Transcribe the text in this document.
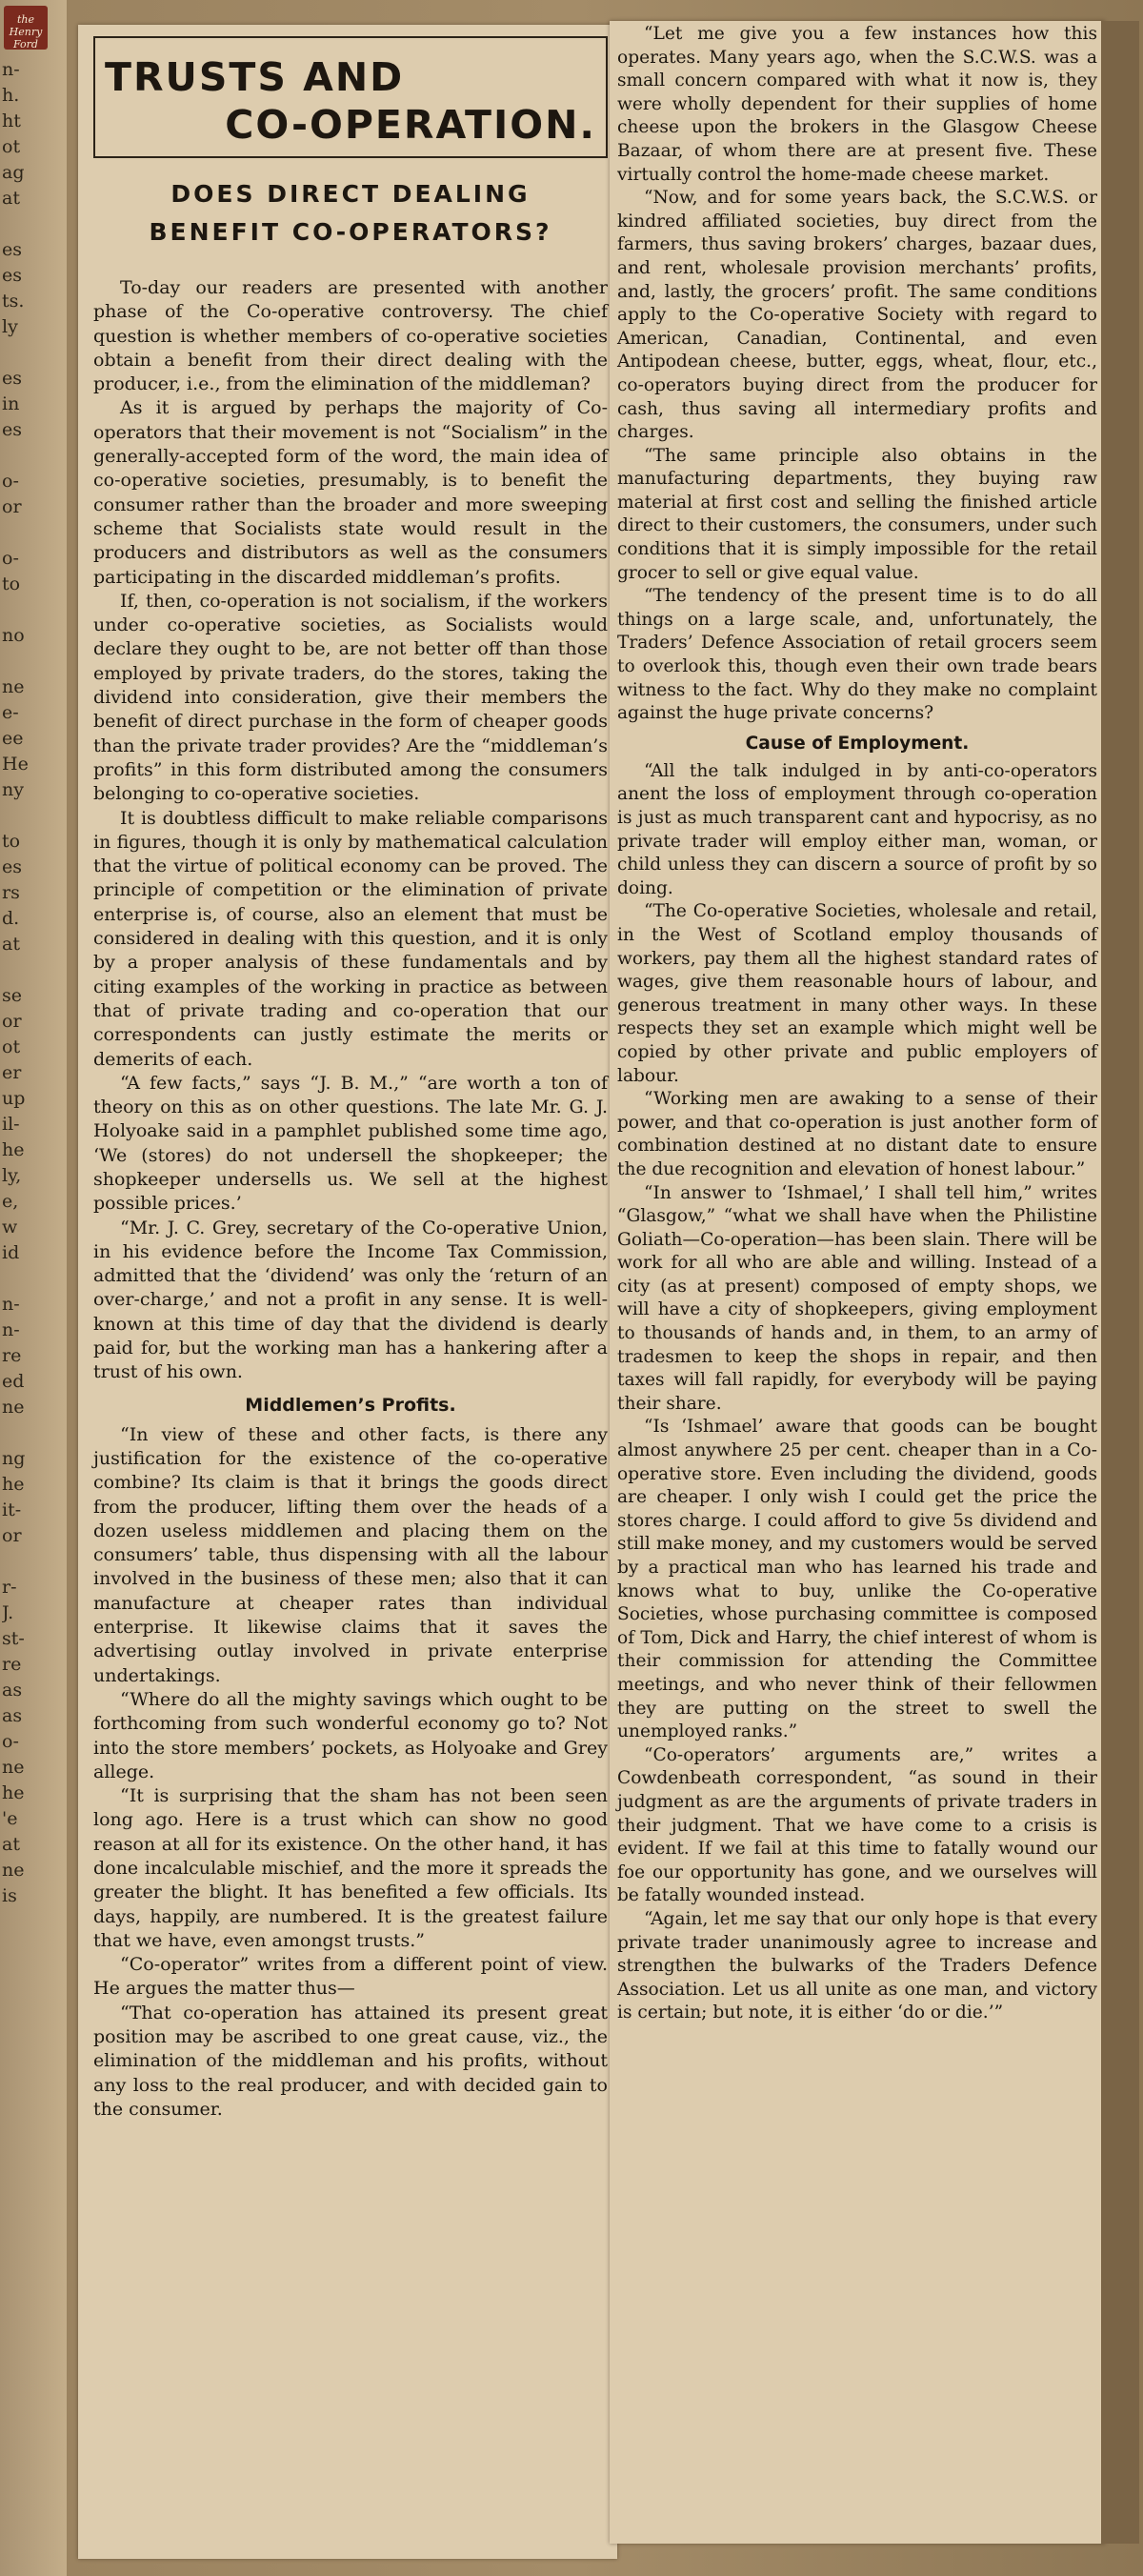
n-
h.
ht
ot
ag
at
es
es
ts.
ly
es
in
es
o-
or
o-
to
no
ne
e-
ee
He
ny
to
es
rs
d.
at
se
or
ot
er
up
il-
he
ly,
e,
w
id
n-
n-
re
ed
ne
ng
he
it-
or
r-
J.
st-
re
as
as
o-
ne
he
'e
at
ne
is
the
Henry
Ford
TRUSTS AND
CO-OPERATION.
DOES DIRECT DEALING
BENEFIT CO-OPERATORS?

To-day our readers are presented with another phase of the Co-operative controversy. The chief question is whether members of co-operative societies obtain a benefit from their direct dealing with the producer, i.e., from the elimination of the middleman?

As it is argued by perhaps the majority of Co-operators that their movement is not “Socialism” in the generally-accepted form of the word, the main idea of co-operative societies, presumably, is to benefit the consumer rather than the broader and more sweeping scheme that Socialists state would result in the producers and distributors as well as the consumers participating in the discarded middleman’s profits.

If, then, co-operation is not socialism, if the workers under co-operative societies, as Socialists would declare they ought to be, are not better off than those employed by private traders, do the stores, taking the dividend into consideration, give their members the benefit of direct purchase in the form of cheaper goods than the private trader provides? Are the “middleman’s profits” in this form distributed among the consumers belonging to co-operative societies.

It is doubtless difficult to make reliable comparisons in figures, though it is only by mathematical calculation that the virtue of political economy can be proved. The principle of competition or the elimination of private enterprise is, of course, also an element that must be considered in dealing with this question, and it is only by a proper analysis of these fundamentals and by citing examples of the working in practice as between that of private trading and co-operation that our correspondents can justly estimate the merits or demerits of each.

“A few facts,” says “J. B. M.,” “are worth a ton of theory on this as on other questions. The late Mr. G. J. Holyoake said in a pamphlet published some time ago, ‘We (stores) do not undersell the shopkeeper; the shopkeeper undersells us. We sell at the highest possible prices.’

“Mr. J. C. Grey, secretary of the Co-operative Union, in his evidence before the Income Tax Commission, admitted that the ‘dividend’ was only the ‘return of an over-charge,’ and not a profit in any sense. It is well-known at this time of day that the dividend is dearly paid for, but the working man has a hankering after a trust of his own.

Middlemen’s Profits.

“In view of these and other facts, is there any justification for the existence of the co-operative combine? Its claim is that it brings the goods direct from the producer, lifting them over the heads of a dozen useless middlemen and placing them on the consumers’ table, thus dispensing with all the labour involved in the business of these men; also that it can manufacture at cheaper rates than individual enterprise. It likewise claims that it saves the advertising outlay involved in private enterprise undertakings.

“Where do all the mighty savings which ought to be forthcoming from such wonderful economy go to? Not into the store members’ pockets, as Holyoake and Grey allege.

“It is surprising that the sham has not been seen long ago. Here is a trust which can show no good reason at all for its existence. On the other hand, it has done incalculable mischief, and the more it spreads the greater the blight. It has benefited a few officials. Its days, happily, are numbered. It is the greatest failure that we have, even amongst trusts.”

“Co-operator” writes from a different point of view. He argues the matter thus—

“That co-operation has attained its present great position may be ascribed to one great cause, viz., the elimination of the middleman and his profits, without any loss to the real producer, and with decided gain to the consumer.

“Let me give you a few instances how this operates. Many years ago, when the S.C.W.S. was a small concern compared with what it now is, they were wholly dependent for their supplies of home cheese upon the brokers in the Glasgow Cheese Bazaar, of whom there are at present five. These virtually control the home-made cheese market.

“Now, and for some years back, the S.C.W.S. or kindred affiliated societies, buy direct from the farmers, thus saving brokers’ charges, bazaar dues, and rent, wholesale provision merchants’ profits, and, lastly, the grocers’ profit. The same conditions apply to the Co-operative Society with regard to American, Canadian, Continental, and even Antipodean cheese, butter, eggs, wheat, flour, etc., co-operators buying direct from the producer for cash, thus saving all intermediary profits and charges.

“The same principle also obtains in the manufacturing departments, they buying raw material at first cost and selling the finished article direct to their customers, the consumers, under such conditions that it is simply impossible for the retail grocer to sell or give equal value.

“The tendency of the present time is to do all things on a large scale, and, unfortunately, the Traders’ Defence Association of retail grocers seem to overlook this, though even their own trade bears witness to the fact. Why do they make no complaint against the huge private concerns?

Cause of Employment.

“All the talk indulged in by anti-co-operators anent the loss of employment through co-operation is just as much transparent cant and hypocrisy, as no private trader will employ either man, woman, or child unless they can discern a source of profit by so doing.

“The Co-operative Societies, wholesale and retail, in the West of Scotland employ thousands of workers, pay them all the highest standard rates of wages, give them reasonable hours of labour, and generous treatment in many other ways. In these respects they set an example which might well be copied by other private and public employers of labour.

“Working men are awaking to a sense of their power, and that co-operation is just another form of combination destined at no distant date to ensure the due recognition and elevation of honest labour.”

“In answer to ‘Ishmael,’ I shall tell him,” writes “Glasgow,” “what we shall have when the Philistine Goliath—Co-operation—has been slain. There will be work for all who are able and willing. Instead of a city (as at present) composed of empty shops, we will have a city of shopkeepers, giving employment to thousands of hands and, in them, to an army of tradesmen to keep the shops in repair, and then taxes will fall rapidly, for everybody will be paying their share.

“Is ‘Ishmael’ aware that goods can be bought almost anywhere 25 per cent. cheaper than in a Co-operative store. Even including the dividend, goods are cheaper. I only wish I could get the price the stores charge. I could afford to give 5s dividend and still make money, and my customers would be served by a practical man who has learned his trade and knows what to buy, unlike the Co-operative Societies, whose purchasing committee is composed of Tom, Dick and Harry, the chief interest of whom is their commission for attending the Committee meetings, and who never think of their fellowmen they are putting on the street to swell the unemployed ranks.”

“Co-operators’ arguments are,” writes a Cowdenbeath correspondent, “as sound in their judgment as are the arguments of private traders in their judgment. That we have come to a crisis is evident. If we fail at this time to fatally wound our foe our opportunity has gone, and we ourselves will be fatally wounded instead.

“Again, let me say that our only hope is that every private trader unanimously agree to increase and strengthen the bulwarks of the Traders Defence Association. Let us all unite as one man, and victory is certain; but note, it is either ‘do or die.’”
